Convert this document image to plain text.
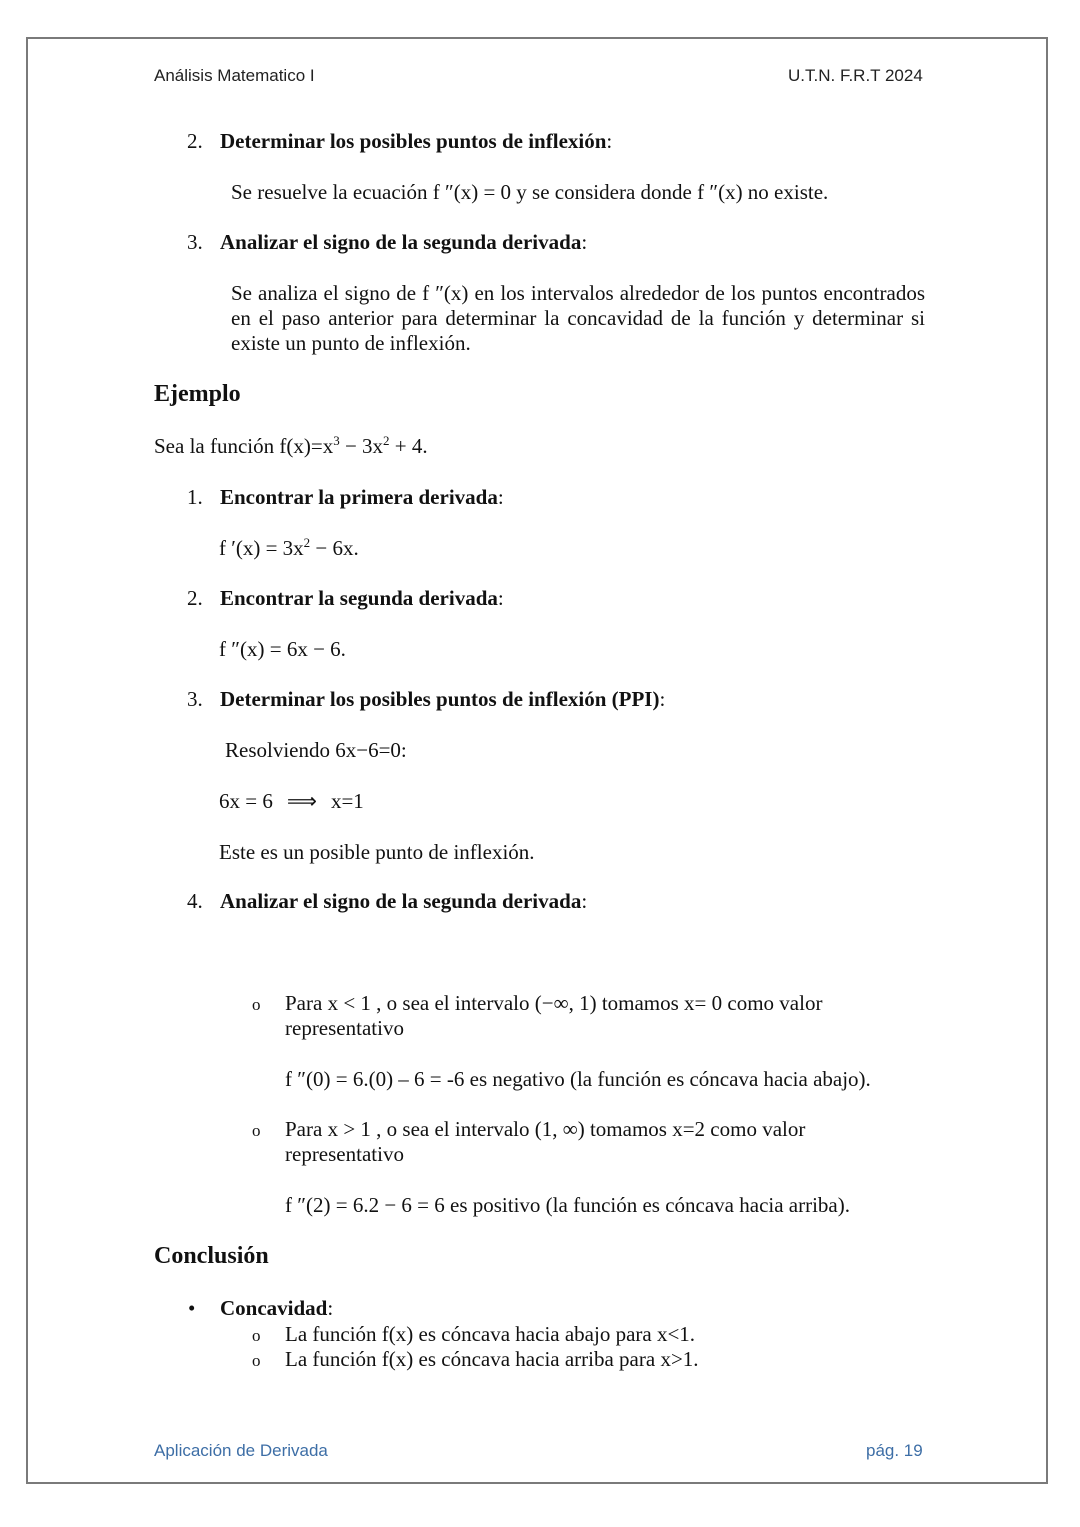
Análisis Matematico I	U.T.N. F.R.T 2024
2. Determinar los posibles puntos de inflexión:
Se resuelve la ecuación f ″(x) = 0 y se considera donde f ″(x) no existe.
3. Analizar el signo de la segunda derivada:
Se analiza el signo de f ″(x) en los intervalos alrededor de los puntos encontrados en el paso anterior para determinar la concavidad de la función y determinar si existe un punto de inflexión.
Ejemplo
Sea la función $f(x)=x^3 - 3x^2 + 4$.
1. Encontrar la primera derivada:
f $'(x) = 3x^2 - 6x$.
2. Encontrar la segunda derivada:
f ″(x) = 6x − 6.
3. Determinar los posibles puntos de inflexión (PPI):
Resolviendo 6x−6=0:
6x = 6 ⟹ x=1
Este es un posible punto de inflexión.
4. Analizar el signo de la segunda derivada:
o Para x < 1 , o sea el intervalo (−∞, 1) tomamos x= 0 como valor
representativo
f ″(0) = 6.(0) – 6 = -6 es negativo (la función es cóncava hacia abajo).
o Para x > 1 , o sea el intervalo (1, ∞) tomamos x=2 como valor
representativo
f ″(2) = 6.2 − 6 = 6 es positivo (la función es cóncava hacia arriba).
Conclusión
• Concavidad:
o La función f(x) es cóncava hacia abajo para x<1.
o La función f(x) es cóncava hacia arriba para x>1.
Aplicación de Derivada	pág. 19
